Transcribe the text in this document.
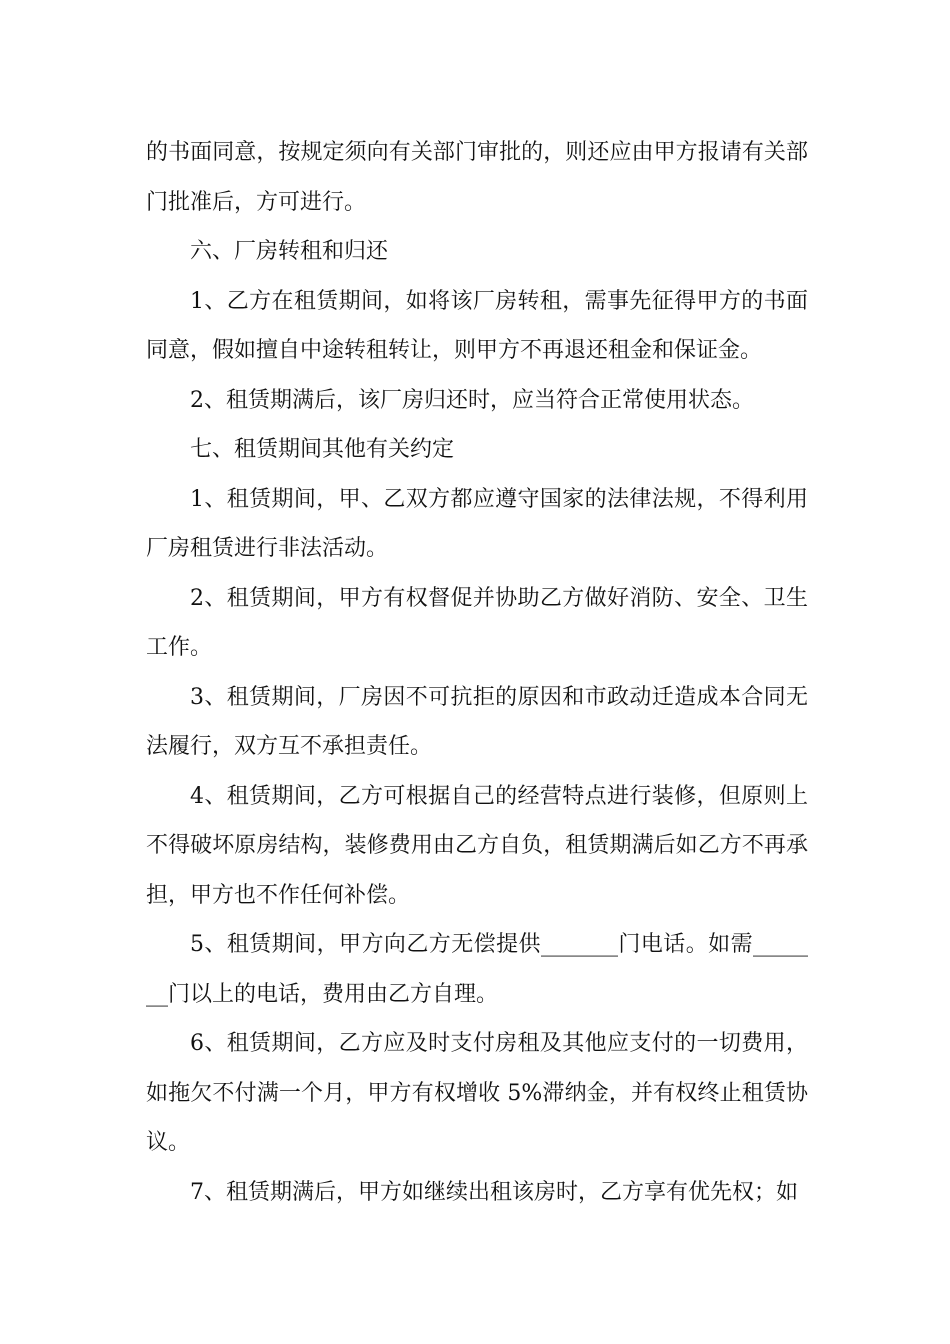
的书面同意，按规定须向有关部门审批的，则还应由甲方报请有关部门批准后，方可进行。

六、厂房转租和归还

1、乙方在租赁期间，如将该厂房转租，需事先征得甲方的书面同意，假如擅自中途转租转让，则甲方不再退还租金和保证金。

2、租赁期满后，该厂房归还时，应当符合正常使用状态。

七、租赁期间其他有关约定

1、租赁期间，甲、乙双方都应遵守国家的法律法规，不得利用厂房租赁进行非法活动。

2、租赁期间，甲方有权督促并协助乙方做好消防、安全、卫生工作。

3、租赁期间，厂房因不可抗拒的原因和市政动迁造成本合同无法履行，双方互不承担责任。

4、租赁期间，乙方可根据自己的经营特点进行装修，但原则上不得破坏原房结构，装修费用由乙方自负，租赁期满后如乙方不再承担，甲方也不作任何补偿。

5、租赁期间，甲方向乙方无偿提供_______门电话。如需_______门以上的电话，费用由乙方自理。

6、租赁期间，乙方应及时支付房租及其他应支付的一切费用，如拖欠不付满一个月，甲方有权增收 5%滞纳金，并有权终止租赁协议。

7、租赁期满后，甲方如继续出租该房时，乙方享有优先权；如
